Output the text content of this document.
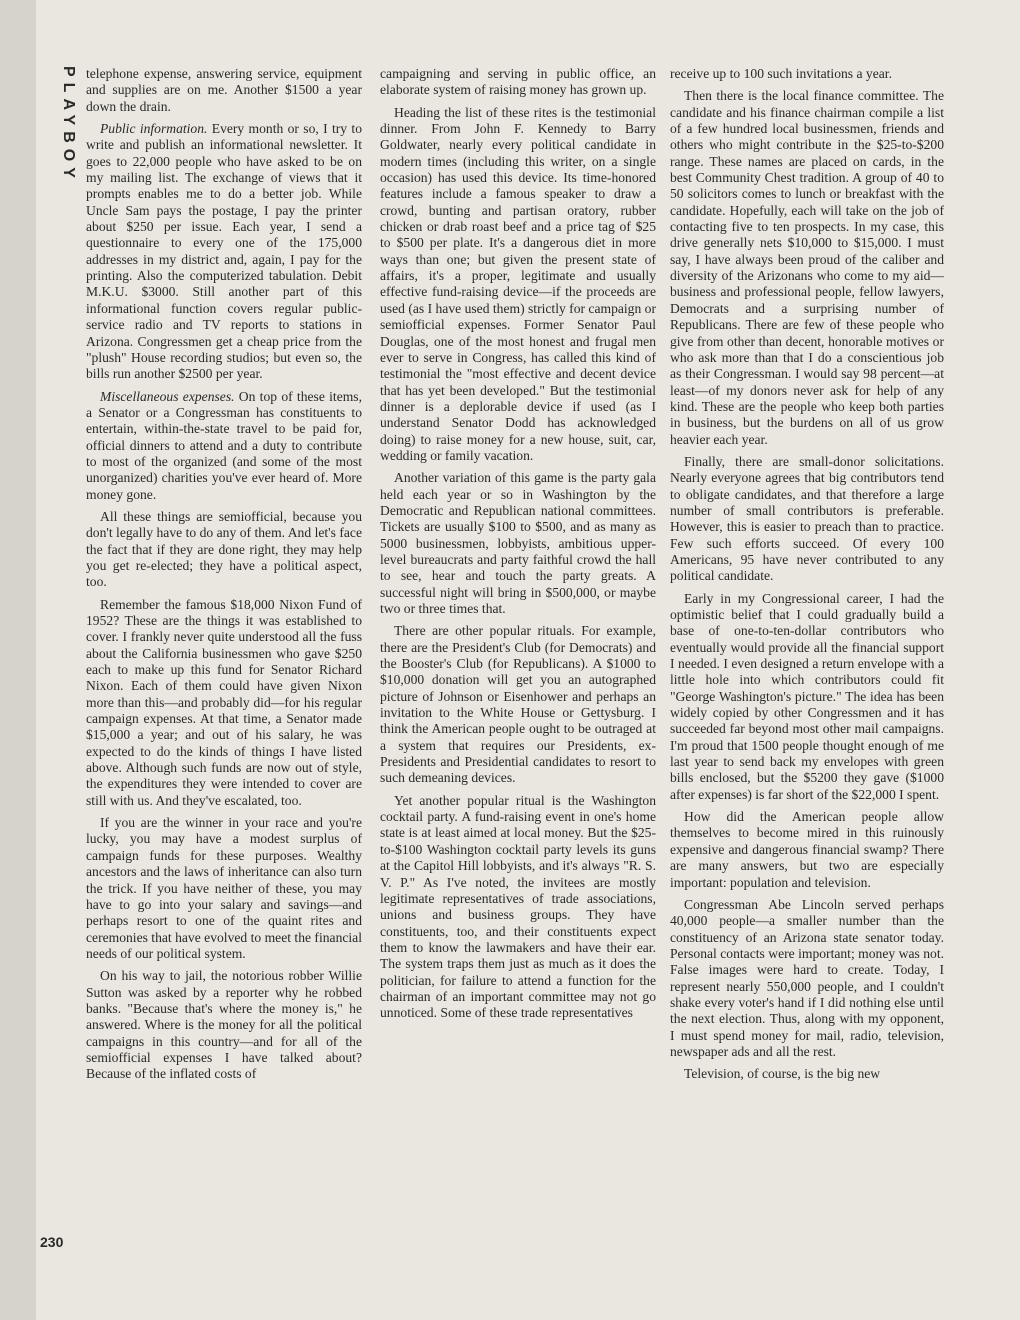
PLAYBOY telephone expense, answering service, equipment and supplies are on me. Another $1500 a year down the drain.

Public information. Every month or so, I try to write and publish an informational newsletter. It goes to 22,000 people who have asked to be on my mailing list. The exchange of views that it prompts enables me to do a better job. While Uncle Sam pays the postage, I pay the printer about $250 per issue. Each year, I send a questionnaire to every one of the 175,000 addresses in my district and, again, I pay for the printing. Also the computerized tabulation. Debit M.K.U. $3000. Still another part of this informational function covers regular public-service radio and TV reports to stations in Arizona. Congressmen get a cheap price from the "plush" House recording studios; but even so, the bills run another $2500 per year.

Miscellaneous expenses. On top of these items, a Senator or a Congressman has constituents to entertain, within-the-state travel to be paid for, official dinners to attend and a duty to contribute to most of the organized (and some of the most unorganized) charities you've ever heard of. More money gone.

All these things are semiofficial, because you don't legally have to do any of them. And let's face the fact that if they are done right, they may help you get re-elected; they have a political aspect, too.

Remember the famous $18,000 Nixon Fund of 1952? These are the things it was established to cover. I frankly never quite understood all the fuss about the California businessmen who gave $250 each to make up this fund for Senator Richard Nixon. Each of them could have given Nixon more than this—and probably did—for his regular campaign expenses. At that time, a Senator made $15,000 a year; and out of his salary, he was expected to do the kinds of things I have listed above. Although such funds are now out of style, the expenditures they were intended to cover are still with us. And they've escalated, too.

If you are the winner in your race and you're lucky, you may have a modest surplus of campaign funds for these purposes. Wealthy ancestors and the laws of inheritance can also turn the trick. If you have neither of these, you may have to go into your salary and savings—and perhaps resort to one of the quaint rites and ceremonies that have evolved to meet the financial needs of our political system.

On his way to jail, the notorious robber Willie Sutton was asked by a reporter why he robbed banks. "Because that's where the money is," he answered. Where is the money for all the political campaigns in this country—and for all of the semiofficial expenses I have talked about? Because of the inflated costs of

campaigning and serving in public office, an elaborate system of raising money has grown up.

Heading the list of these rites is the testimonial dinner. From John F. Kennedy to Barry Goldwater, nearly every political candidate in modern times (including this writer, on a single occasion) has used this device. Its time-honored features include a famous speaker to draw a crowd, bunting and partisan oratory, rubber chicken or drab roast beef and a price tag of $25 to $500 per plate. It's a dangerous diet in more ways than one; but given the present state of affairs, it's a proper, legitimate and usually effective fund-raising device—if the proceeds are used (as I have used them) strictly for campaign or semiofficial expenses. Former Senator Paul Douglas, one of the most honest and frugal men ever to serve in Congress, has called this kind of testimonial the "most effective and decent device that has yet been developed." But the testimonial dinner is a deplorable device if used (as I understand Senator Dodd has acknowledged doing) to raise money for a new house, suit, car, wedding or family vacation.

Another variation of this game is the party gala held each year or so in Washington by the Democratic and Republican national committees. Tickets are usually $100 to $500, and as many as 5000 businessmen, lobbyists, ambitious upper-level bureaucrats and party faithful crowd the hall to see, hear and touch the party greats. A successful night will bring in $500,000, or maybe two or three times that.

There are other popular rituals. For example, there are the President's Club (for Democrats) and the Booster's Club (for Republicans). A $1000 to $10,000 donation will get you an autographed picture of Johnson or Eisenhower and perhaps an invitation to the White House or Gettysburg. I think the American people ought to be outraged at a system that requires our Presidents, ex-Presidents and Presidential candidates to resort to such demeaning devices.

Yet another popular ritual is the Washington cocktail party. A fund-raising event in one's home state is at least aimed at local money. But the $25-to-$100 Washington cocktail party levels its guns at the Capitol Hill lobbyists, and it's always "R. S. V. P." As I've noted, the invitees are mostly legitimate representatives of trade associations, unions and business groups. They have constituents, too, and their constituents expect them to know the lawmakers and have their ear. The system traps them just as much as it does the politician, for failure to attend a function for the chairman of an important committee may not go unnoticed. Some of these trade representatives

receive up to 100 such invitations a year.

Then there is the local finance committee. The candidate and his finance chairman compile a list of a few hundred local businessmen, friends and others who might contribute in the $25-to-$200 range. These names are placed on cards, in the best Community Chest tradition. A group of 40 to 50 solicitors comes to lunch or breakfast with the candidate. Hopefully, each will take on the job of contacting five to ten prospects. In my case, this drive generally nets $10,000 to $15,000. I must say, I have always been proud of the caliber and diversity of the Arizonans who come to my aid—business and professional people, fellow lawyers, Democrats and a surprising number of Republicans. There are few of these people who give from other than decent, honorable motives or who ask more than that I do a conscientious job as their Congressman. I would say 98 percent—at least—of my donors never ask for help of any kind. These are the people who keep both parties in business, but the burdens on all of us grow heavier each year.

Finally, there are small-donor solicitations. Nearly everyone agrees that big contributors tend to obligate candidates, and that therefore a large number of small contributors is preferable. However, this is easier to preach than to practice. Few such efforts succeed. Of every 100 Americans, 95 have never contributed to any political candidate.

Early in my Congressional career, I had the optimistic belief that I could gradually build a base of one-to-ten-dollar contributors who eventually would provide all the financial support I needed. I even designed a return envelope with a little hole into which contributors could fit "George Washington's picture." The idea has been widely copied by other Congressmen and it has succeeded far beyond most other mail campaigns. I'm proud that 1500 people thought enough of me last year to send back my envelopes with green bills enclosed, but the $5200 they gave ($1000 after expenses) is far short of the $22,000 I spent.

How did the American people allow themselves to become mired in this ruinously expensive and dangerous financial swamp? There are many answers, but two are especially important: population and television.

Congressman Abe Lincoln served perhaps 40,000 people—a smaller number than the constituency of an Arizona state senator today. Personal contacts were important; money was not. False images were hard to create. Today, I represent nearly 550,000 people, and I couldn't shake every voter's hand if I did nothing else until the next election. Thus, along with my opponent, I must spend money for mail, radio, television, newspaper ads and all the rest.

Television, of course, is the big new

230
